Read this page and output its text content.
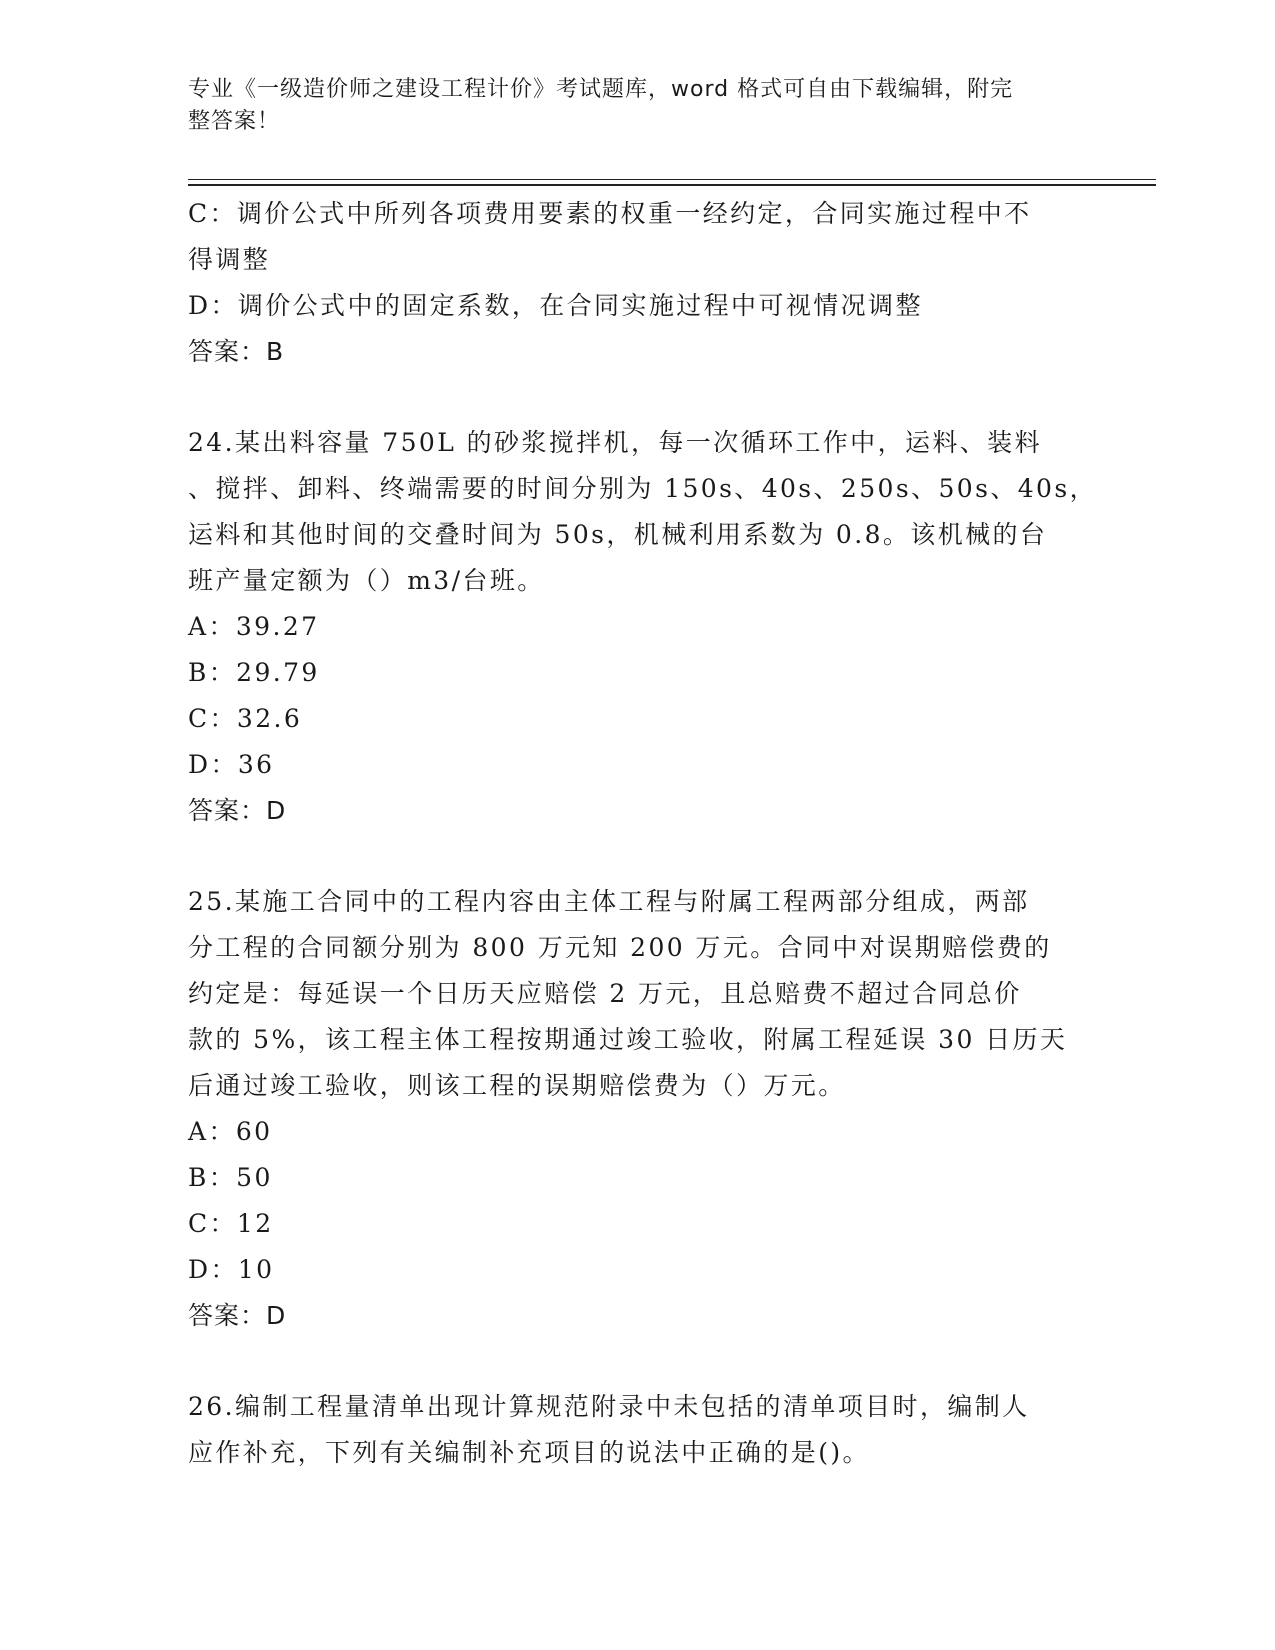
专业《一级造价师之建设工程计价》考试题库，word 格式可自由下载编辑，附完
整答案！
C：调价公式中所列各项费用要素的权重一经约定，合同实施过程中不
得调整
D：调价公式中的固定系数，在合同实施过程中可视情况调整
答案：B
24.某出料容量 750L 的砂浆搅拌机，每一次循环工作中，运料、装料
、搅拌、卸料、终端需要的时间分别为 150s、40s、250s、50s、40s，
运料和其他时间的交叠时间为 50s，机械利用系数为 0.8。该机械的台
班产量定额为（）m3/台班。
A：39.27
B：29.79
C：32.6
D：36
答案：D
25.某施工合同中的工程内容由主体工程与附属工程两部分组成，两部
分工程的合同额分别为 800 万元知 200 万元。合同中对误期赔偿费的
约定是：每延误一个日历天应赔偿 2 万元，且总赔费不超过合同总价
款的 5%，该工程主体工程按期通过竣工验收，附属工程延误 30 日历天
后通过竣工验收，则该工程的误期赔偿费为（）万元。
A：60
B：50
C：12
D：10
答案：D
26.编制工程量清单出现计算规范附录中未包括的清单项目时，编制人
应作补充，下列有关编制补充项目的说法中正确的是()。
